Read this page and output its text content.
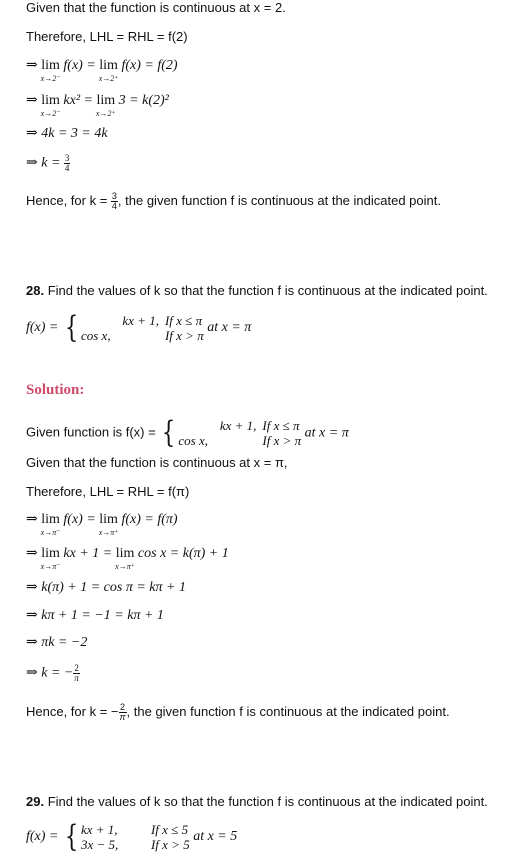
Given that the function is continuous at x = 2.
Therefore, LHL = RHL = f(2)
⇒ lim
x→2⁻
f(x) = lim
x→2⁺
f(x) = f(2)
⇒ lim
x→2⁻
kx² = lim
x→2⁺
3 = k(2)²
⇒ 4k = 3 = 4k
⇒ $k = \frac{3}{4}$
Hence, for $k = \frac{3}{4}$ , the given function f is continuous at the indicated point.
28. Find the values of k so that the function f is continuous at the indicated point.
f(x) = {	kx + 1, If x ≤ π
cos x,	If x > π at x = π
Solution:
Given function is f(x) = {	kx + 1, If x ≤ π
cos x,	If x > π at x = π
Given that the function is continuous at x = π,
Therefore, LHL = RHL = f(π)
⇒ lim
x→π⁻
f(x) = lim
x→π⁺
f(x) = f(π)
⇒ lim
x→π⁻
kx + 1 = lim
x→π⁺
cos x = k(π) + 1
⇒ k(π) + 1 = cos π = kπ + 1
⇒ kπ + 1 = −1 = kπ + 1
⇒ πk = −2
⇒ k = − $\frac{2}{\pi}$
Hence, for k = − $\frac{2}{\pi}$ , the given function f is continuous at the indicated point.
29. Find the values of k so that the function f is continuous at the indicated point.
f(x) = { kx + 1,	If x ≤ 5
3x − 5,	If x > 5 at x = 5
